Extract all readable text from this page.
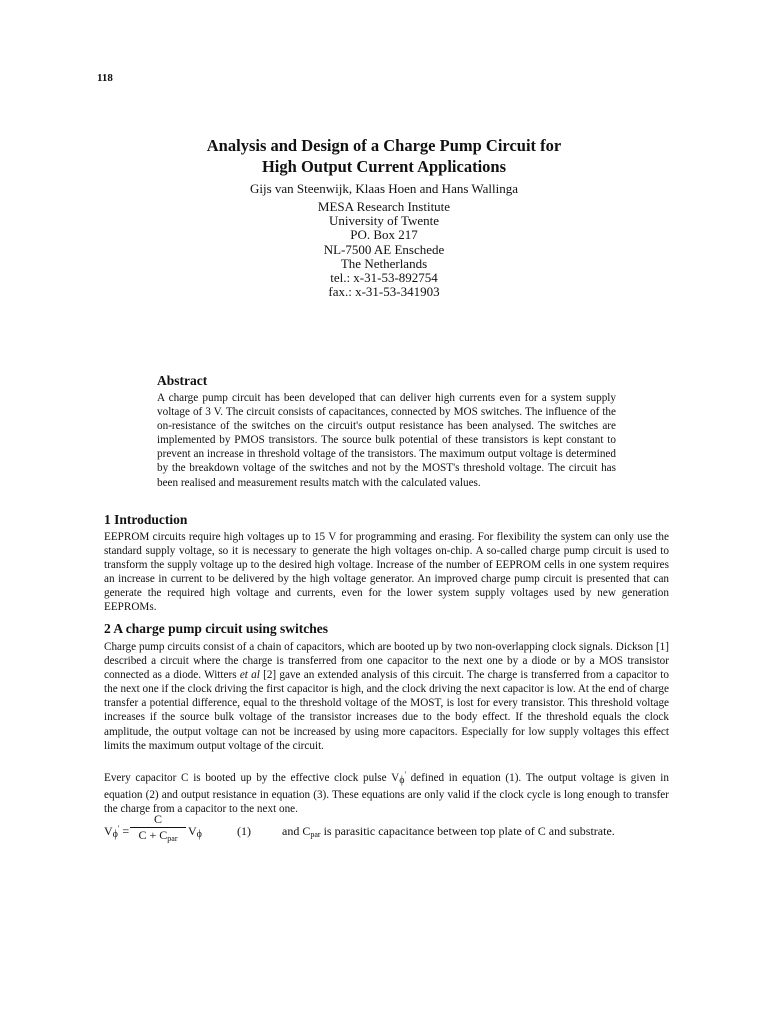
118
Analysis and Design of a Charge Pump Circuit for
High Output Current Applications
Gijs van Steenwijk, Klaas Hoen and Hans Wallinga
MESA Research Institute
University of Twente
PO. Box 217
NL-7500 AE Enschede
The Netherlands
tel.: x-31-53-892754
fax.: x-31-53-341903
Abstract
A charge pump circuit has been developed that can deliver high currents even for a system supply voltage of 3 V. The circuit consists of capacitances, connected by MOS switches. The influence of the on-resistance of the switches on the circuit's output resistance has been analysed. The switches are implemented by PMOS transistors. The source bulk potential of these transistors is kept constant to prevent an increase in threshold voltage of the transistors. The maximum output voltage is determined by the breakdown voltage of the switches and not by the MOST's threshold voltage. The circuit has been realised and measurement results match with the calculated values.
1 Introduction
EEPROM circuits require high voltages up to 15 V for programming and erasing. For flexibility the system can only use the standard supply voltage, so it is necessary to generate the high voltages on-chip. A so-called charge pump circuit is used to transform the supply voltage up to the desired high voltage. Increase of the number of EEPROM cells in one system requires an increase in current to be delivered by the high voltage generator. An improved charge pump circuit is presented that can generate the required high voltage and currents, even for the lower system supply voltages used by new generation EEPROMs.
2 A charge pump circuit using switches
Charge pump circuits consist of a chain of capacitors, which are booted up by two non-overlapping clock signals. Dickson [1] described a circuit where the charge is transferred from one capacitor to the next one by a diode or by a MOS transistor connected as a diode. Witters et al [2] gave an extended analysis of this circuit. The charge is transferred from a capacitor to the next one if the clock driving the first capacitor is high, and the clock driving the next capacitor is low. At the end of charge transfer a potential difference, equal to the threshold voltage of the MOST, is lost for every transistor. This threshold voltage increases if the source bulk voltage of the transistor increases due to the body effect. If the threshold equals the clock amplitude, the output voltage can not be increased by using more capacitors. Especially for low supply voltages this effect limits the maximum output voltage of the circuit.
Every capacitor C is booted up by the effective clock pulse $V_\phi'$ defined in equation (1). The output voltage is given in equation (2) and output resistance in equation (3). These equations are only valid if the clock cycle is long enough to transfer the charge from a capacitor to the next one.
$V_\phi'$ =
C
$C + C_{par}$
$V_\phi$	(1)	and $C_{par}$ is parasitic capacitance between top plate of C and substrate.
